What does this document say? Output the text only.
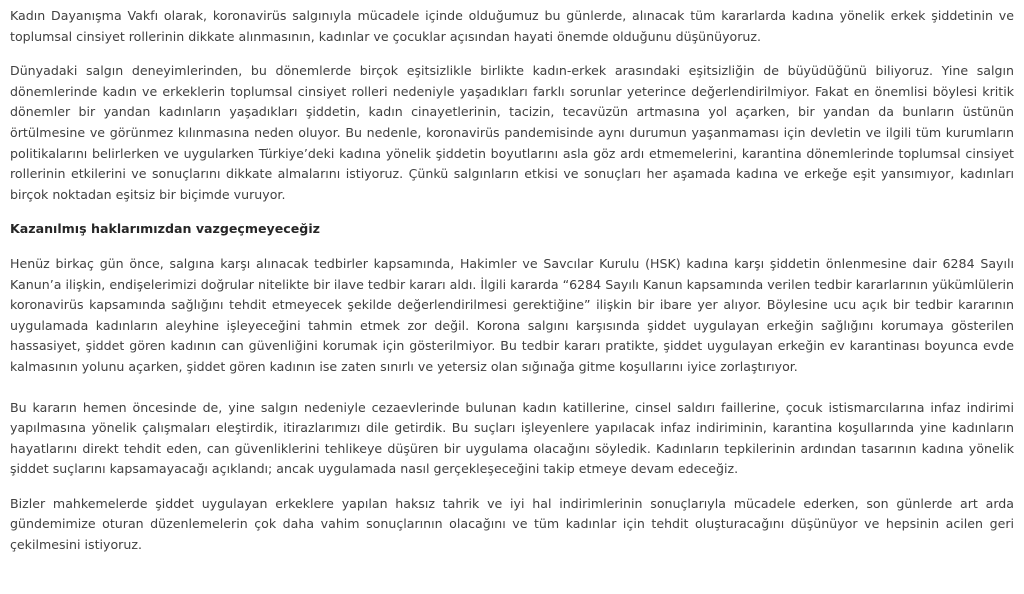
Kadın Dayanışma Vakfı olarak, koronavirüs salgınıyla mücadele içinde olduğumuz bu günlerde, alınacak tüm kararlarda kadına yönelik erkek şiddetinin ve toplumsal cinsiyet rollerinin dikkate alınmasının, kadınlar ve çocuklar açısından hayati önemde olduğunu düşünüyoruz.

Dünyadaki salgın deneyimlerinden, bu dönemlerde birçok eşitsizlikle birlikte kadın-erkek arasındaki eşitsizliğin de büyüdüğünü biliyoruz. Yine salgın dönemlerinde kadın ve erkeklerin toplumsal cinsiyet rolleri nedeniyle yaşadıkları farklı sorunlar yeterince değerlendirilmiyor. Fakat en önemlisi böylesi kritik dönemler bir yandan kadınların yaşadıkları şiddetin, kadın cinayetlerinin, tacizin, tecavüzün artmasına yol açarken, bir yandan da bunların üstünün örtülmesine ve görünmez kılınmasına neden oluyor. Bu nedenle, koronavirüs pandemisinde aynı durumun yaşanmaması için devletin ve ilgili tüm kurumların politikalarını belirlerken ve uygularken Türkiye’deki kadına yönelik şiddetin boyutlarını asla göz ardı etmemelerini, karantina dönemlerinde toplumsal cinsiyet rollerinin etkilerini ve sonuçlarını dikkate almalarını istiyoruz. Çünkü salgınların etkisi ve sonuçları her aşamada kadına ve erkeğe eşit yansımıyor, kadınları birçok noktadan eşitsiz bir biçimde vuruyor.

Kazanılmış haklarımızdan vazgeçmeyeceğiz

Henüz birkaç gün önce, salgına karşı alınacak tedbirler kapsamında, Hakimler ve Savcılar Kurulu (HSK) kadına karşı şiddetin önlenmesine dair 6284 Sayılı Kanun’a ilişkin, endişelerimizi doğrular nitelikte bir ilave tedbir kararı aldı. İlgili kararda “6284 Sayılı Kanun kapsamında verilen tedbir kararlarının yükümlülerin koronavirüs kapsamında sağlığını tehdit etmeyecek şekilde değerlendirilmesi gerektiğine” ilişkin bir ibare yer alıyor. Böylesine ucu açık bir tedbir kararının uygulamada kadınların aleyhine işleyeceğini tahmin etmek zor değil. Korona salgını karşısında şiddet uygulayan erkeğin sağlığını korumaya gösterilen hassasiyet, şiddet gören kadının can güvenliğini korumak için gösterilmiyor. Bu tedbir kararı pratikte, şiddet uygulayan erkeğin ev karantinası boyunca evde kalmasının yolunu açarken, şiddet gören kadının ise zaten sınırlı ve yetersiz olan sığınağa gitme koşullarını iyice zorlaştırıyor.

Bu kararın hemen öncesinde de, yine salgın nedeniyle cezaevlerinde bulunan kadın katillerine, cinsel saldırı faillerine, çocuk istismarcılarına infaz indirimi yapılmasına yönelik çalışmaları eleştirdik, itirazlarımızı dile getirdik. Bu suçları işleyenlere yapılacak infaz indiriminin, karantina koşullarında yine kadınların hayatlarını direkt tehdit eden, can güvenliklerini tehlikeye düşüren bir uygulama olacağını söyledik. Kadınların tepkilerinin ardından tasarının kadına yönelik şiddet suçlarını kapsamayacağı açıklandı; ancak uygulamada nasıl gerçekleşeceğini takip etmeye devam edeceğiz.

Bizler mahkemelerde şiddet uygulayan erkeklere yapılan haksız tahrik ve iyi hal indirimlerinin sonuçlarıyla mücadele ederken, son günlerde art arda gündemimize oturan düzenlemelerin çok daha vahim sonuçlarının olacağını ve tüm kadınlar için tehdit oluşturacağını düşünüyor ve hepsinin acilen geri çekilmesini istiyoruz.
